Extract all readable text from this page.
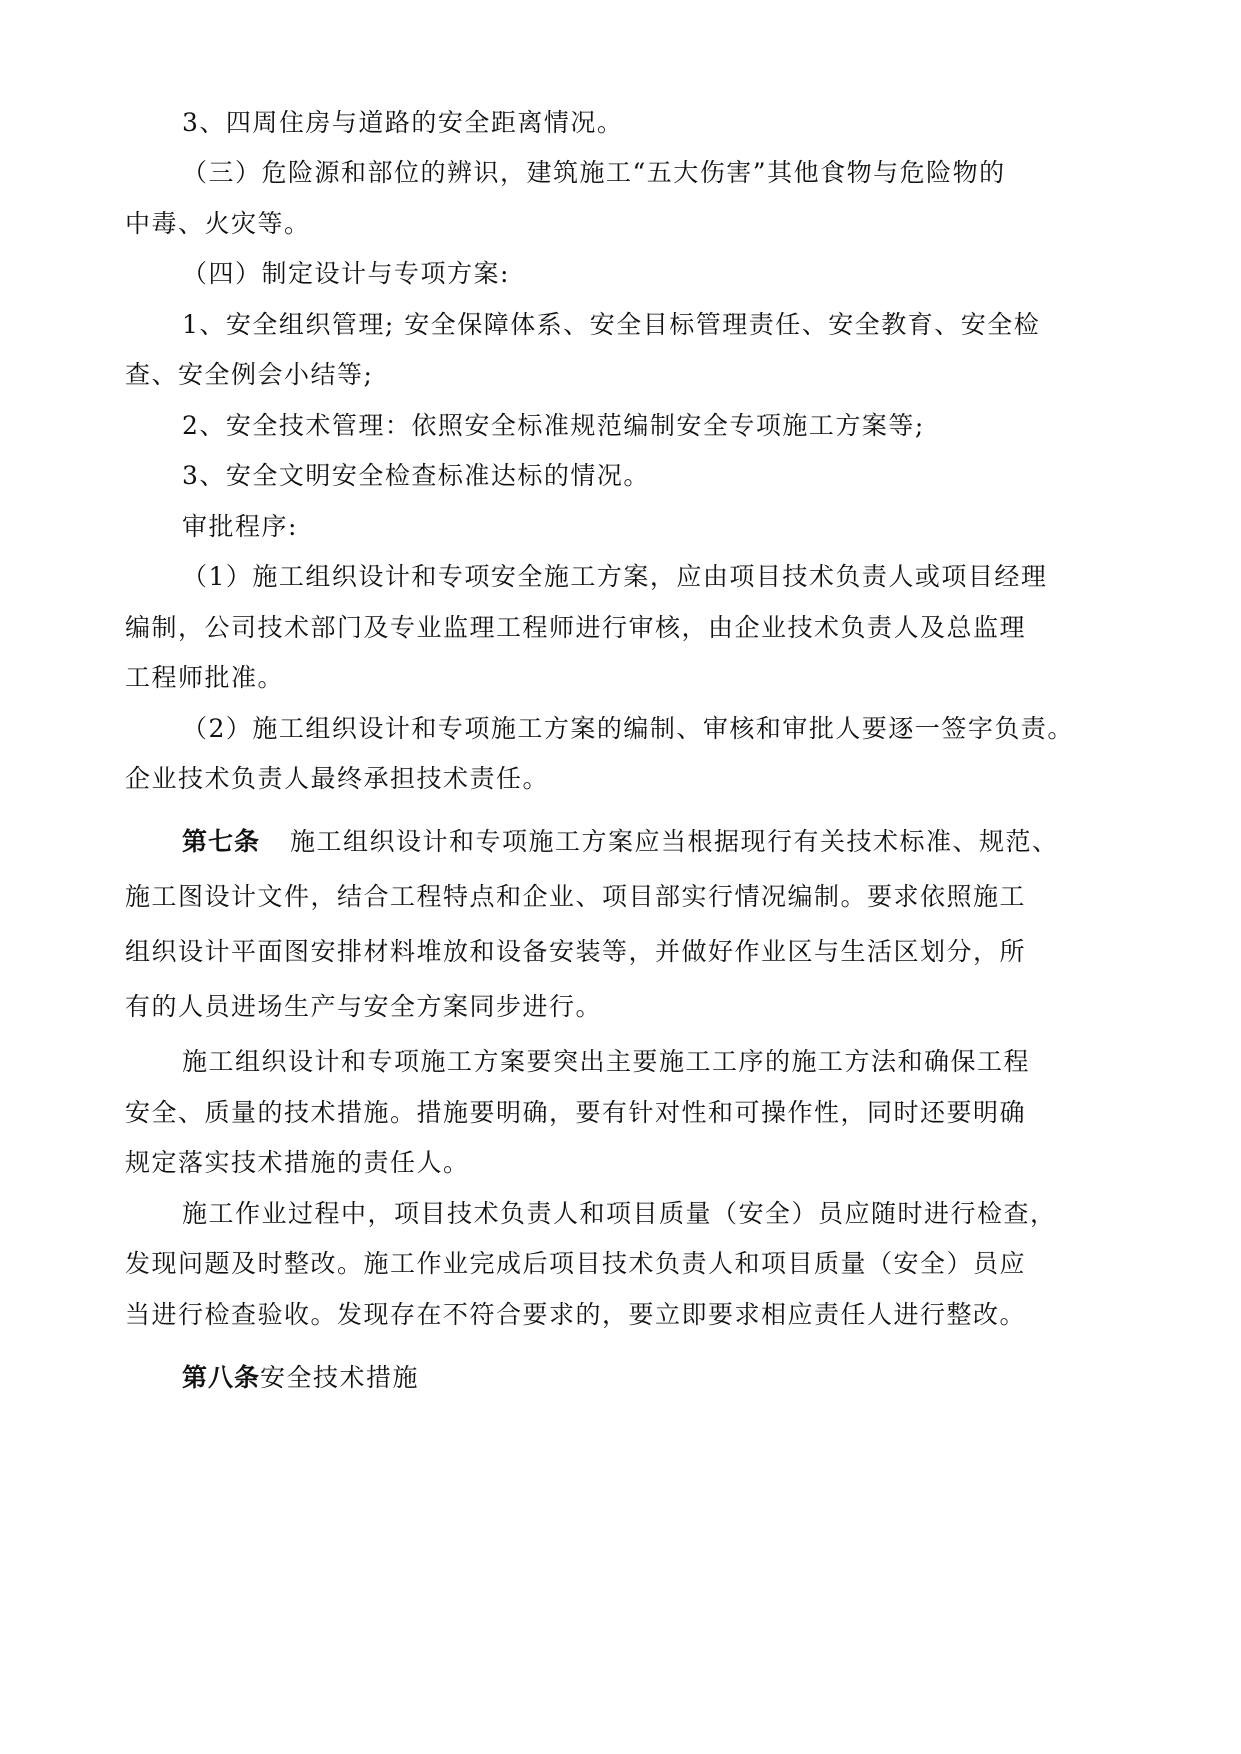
3、四周住房与道路的安全距离情况。
（三）危险源和部位的辨识，建筑施工“五大伤害”其他食物与危险物的
中毒、火灾等。
（四）制定设计与专项方案:
1、安全组织管理; 安全保障体系、安全目标管理责任、安全教育、安全检
查、安全例会小结等;
2、安全技术管理：依照安全标准规范编制安全专项施工方案等;
3、安全文明安全检查标准达标的情况。
审批程序:
（1）施工组织设计和专项安全施工方案，应由项目技术负责人或项目经理
编制，公司技术部门及专业监理工程师进行审核，由企业技术负责人及总监理
工程师批准。
（2）施工组织设计和专项施工方案的编制、审核和审批人要逐一签字负责。
企业技术负责人最终承担技术责任。
第七条 施工组织设计和专项施工方案应当根据现行有关技术标准、规范、
施工图设计文件，结合工程特点和企业、项目部实行情况编制。要求依照施工
组织设计平面图安排材料堆放和设备安装等，并做好作业区与生活区划分，所
有的人员进场生产与安全方案同步进行。
施工组织设计和专项施工方案要突出主要施工工序的施工方法和确保工程
安全、质量的技术措施。措施要明确，要有针对性和可操作性，同时还要明确
规定落实技术措施的责任人。
施工作业过程中，项目技术负责人和项目质量（安全）员应随时进行检查，
发现问题及时整改。施工作业完成后项目技术负责人和项目质量（安全）员应
当进行检查验收。发现存在不符合要求的，要立即要求相应责任人进行整改。
第八条安全技术措施
